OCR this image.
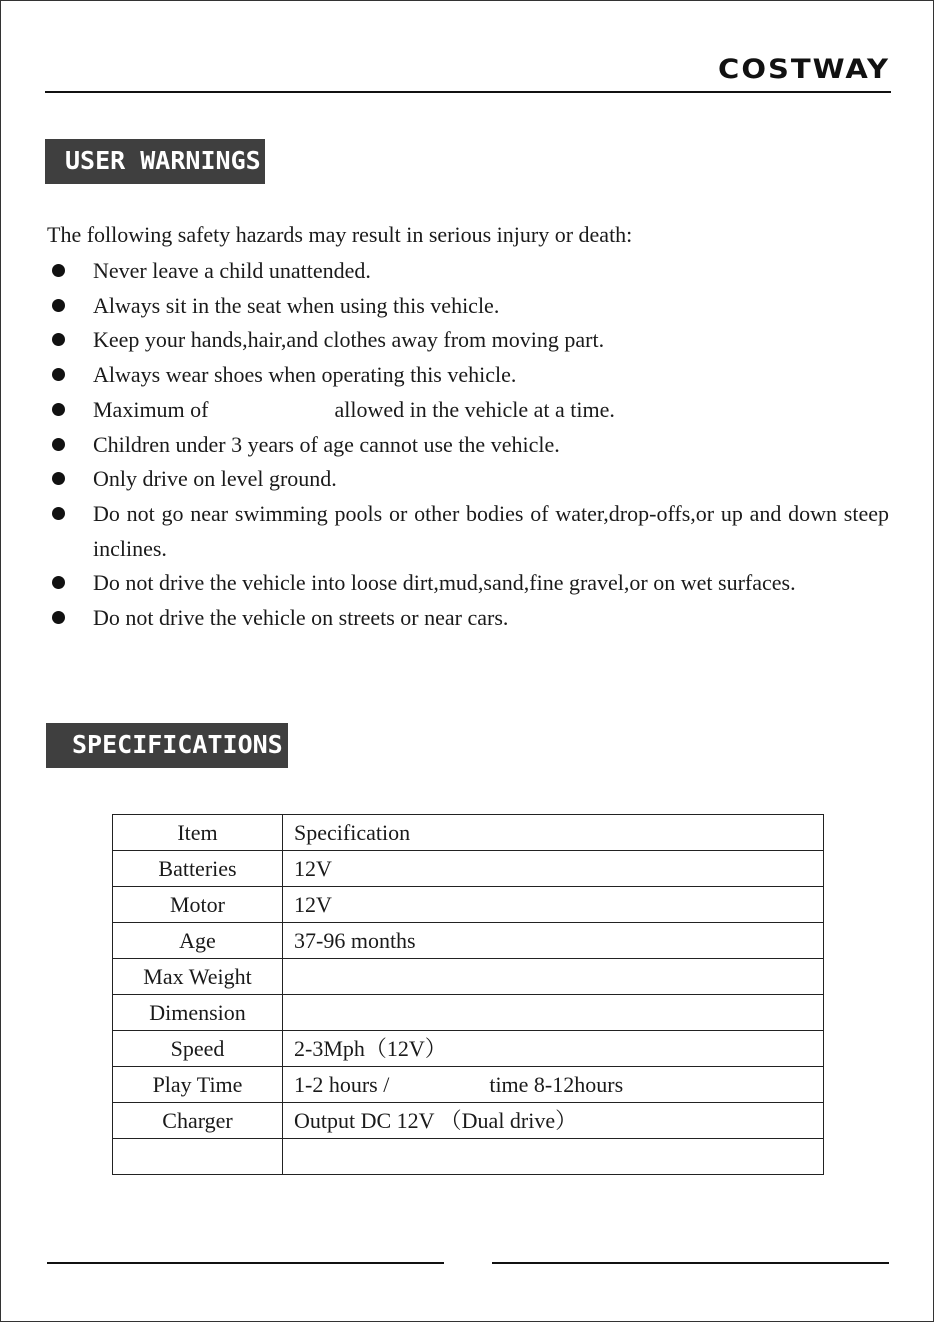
COSTWAY
USER WARNINGS
The following safety hazards may result in serious injury or death:
Never leave a child unattended.
Always sit in the seat when using this vehicle.
Keep your hands,hair,and clothes away from moving part.
Always wear shoes when operating this vehicle.
Maximum of	allowed in the vehicle at a time.
Children under 3 years of age cannot use the vehicle.
Only drive on level ground.
Do not go near swimming pools or other bodies of water,drop-offs,or up and down steep inclines.
Do not drive the vehicle into loose dirt,mud,sand,fine gravel,or on wet surfaces.
Do not drive the vehicle on streets or near cars.
SPECIFICATIONS
Item	Specification
Batteries	12V
Motor	12V
Age	37-96 months
Max Weight	
Dimension	
Speed	2-3Mph（12V）
Play Time	1-2 hours / time 8-12hours
Charger	Output DC 12V （Dual drive）
